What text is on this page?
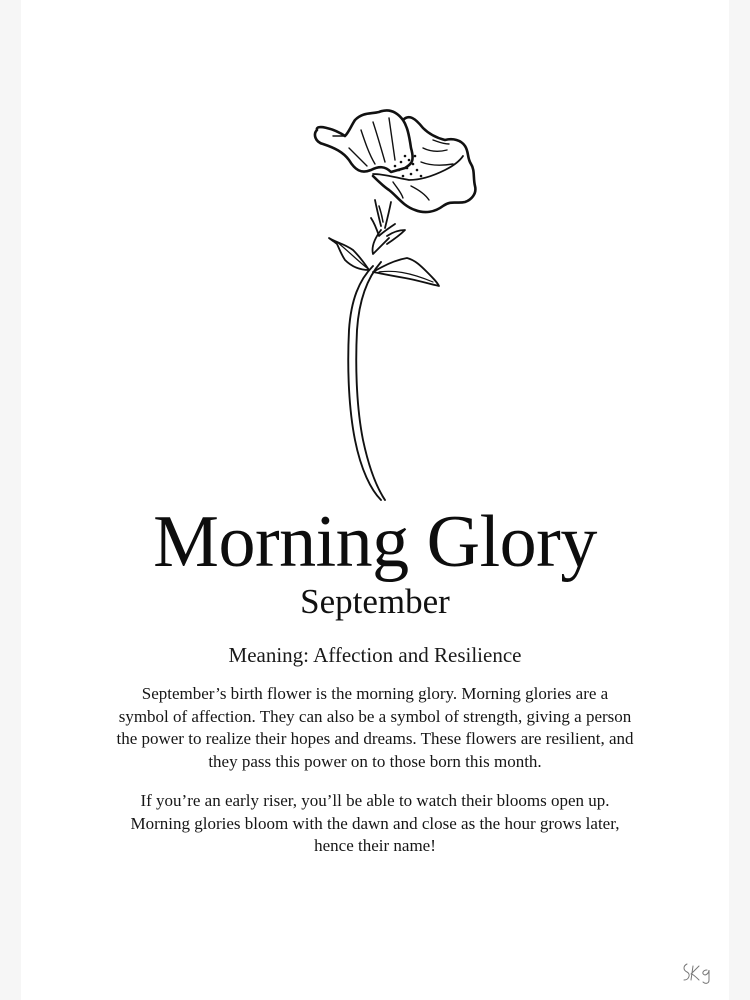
Morning Glory
September
Meaning: Affection and Resilience

September’s birth flower is the morning glory. Morning glories are a symbol of affection. They can also be a symbol of strength, giving a person the power to realize their hopes and dreams. These flowers are resilient, and they pass this power on to those born this month.

If you’re an early riser, you’ll be able to watch their blooms open up. Morning glories bloom with the dawn and close as the hour grows later, hence their name!
